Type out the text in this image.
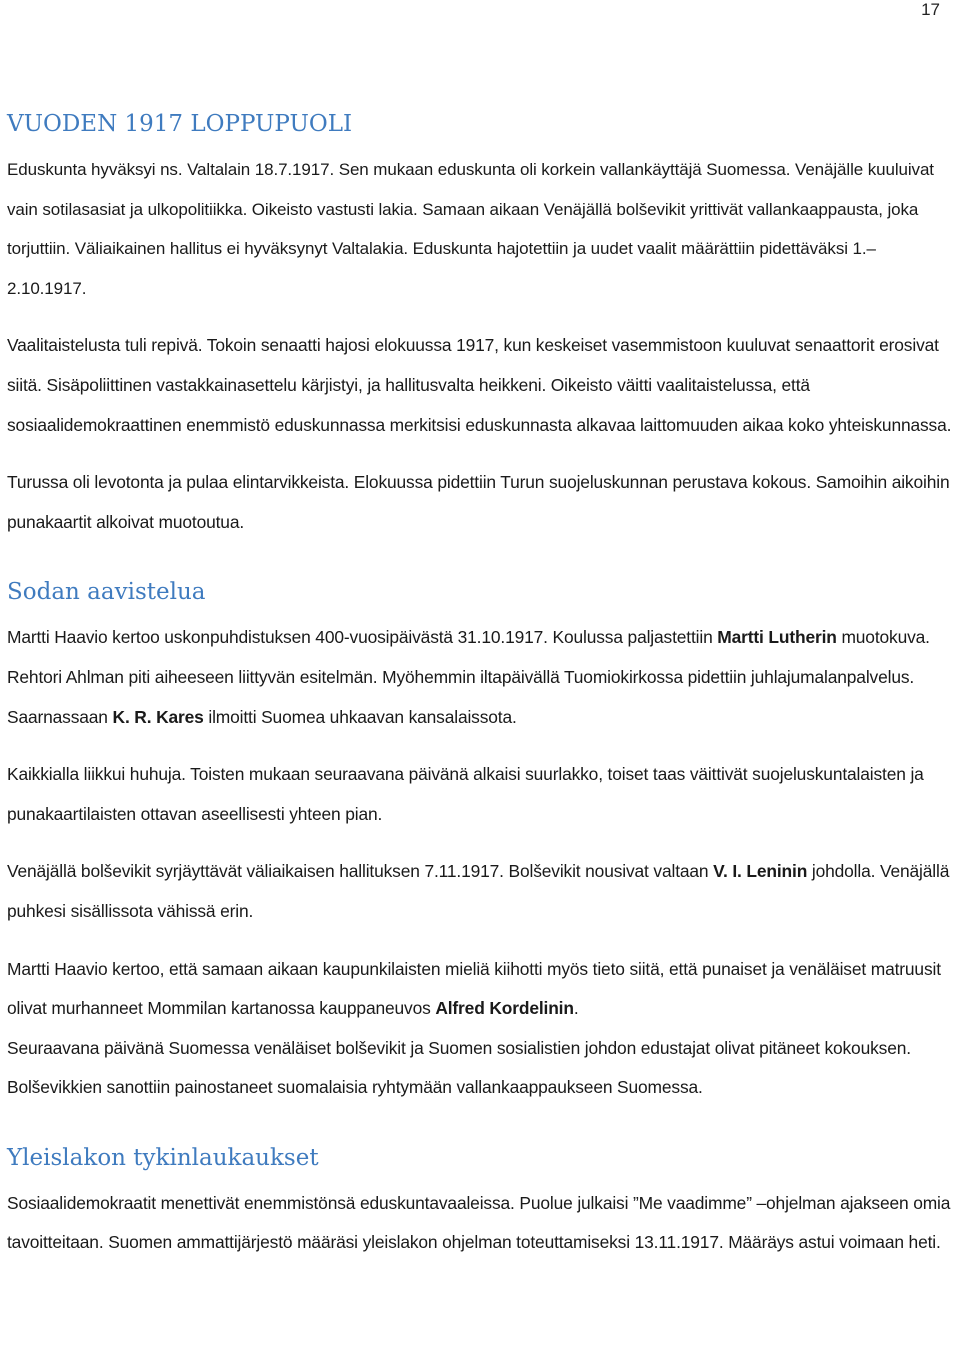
17
VUODEN 1917 LOPPUPUOLI

Eduskunta hyväksyi ns. Valtalain 18.7.1917. Sen mukaan eduskunta oli korkein vallankäyttäjä Suomessa. Venäjälle kuuluivat vain sotilasasiat ja ulkopolitiikka. Oikeisto vastusti lakia. Samaan aikaan Venäjällä bolševikit yrittivät vallankaappausta, joka torjuttiin. Väliaikainen hallitus ei hyväksynyt Valtalakia. Eduskunta hajotettiin ja uudet vaalit määrättiin pidettäväksi 1.–2.10.1917.

Vaalitaistelusta tuli repivä. Tokoin senaatti hajosi elokuussa 1917, kun keskeiset vasemmistoon kuuluvat senaattorit erosivat siitä. Sisäpoliittinen vastakkainasettelu kärjistyi, ja hallitusvalta heikkeni. Oikeisto väitti vaalitaistelussa, että sosiaalidemokraattinen enemmistö eduskunnassa merkitsisi eduskunnasta alkavaa laittomuuden aikaa koko yhteiskunnassa.

Turussa oli levotonta ja pulaa elintarvikkeista. Elokuussa pidettiin Turun suojeluskunnan perustava kokous. Samoihin aikoihin punakaartit alkoivat muotoutua.

Sodan aavistelua

Martti Haavio kertoo uskonpuhdistuksen 400-vuosipäivästä 31.10.1917. Koulussa paljastettiin Martti Lutherin muotokuva. Rehtori Ahlman piti aiheeseen liittyvän esitelmän. Myöhemmin iltapäivällä Tuomiokirkossa pidettiin juhlajumalanpalvelus. Saarnassaan K. R. Kares ilmoitti Suomea uhkaavan kansalaissota.

Kaikkialla liikkui huhuja. Toisten mukaan seuraavana päivänä alkaisi suurlakko, toiset taas väittivät suojeluskuntalaisten ja punakaartilaisten ottavan aseellisesti yhteen pian.

Venäjällä bolševikit syrjäyttävät väliaikaisen hallituksen 7.11.1917. Bolševikit nousivat valtaan V. I. Leninin johdolla. Venäjällä puhkesi sisällissota vähissä erin.

Martti Haavio kertoo, että samaan aikaan kaupunkilaisten mieliä kiihotti myös tieto siitä, että punaiset ja venäläiset matruusit olivat murhanneet Mommilan kartanossa kauppaneuvos Alfred Kordelinin.

Seuraavana päivänä Suomessa venäläiset bolševikit ja Suomen sosialistien johdon edustajat olivat pitäneet kokouksen. Bolševikkien sanottiin painostaneet suomalaisia ryhtymään vallankaappaukseen Suomessa.

Yleislakon tykinlaukaukset

Sosiaalidemokraatit menettivät enemmistönsä eduskuntavaaleissa. Puolue julkaisi ”Me vaadimme” –ohjelman ajakseen omia tavoitteitaan. Suomen ammattijärjestö määräsi yleislakon ohjelman toteuttamiseksi 13.11.1917. Määräys astui voimaan heti.
